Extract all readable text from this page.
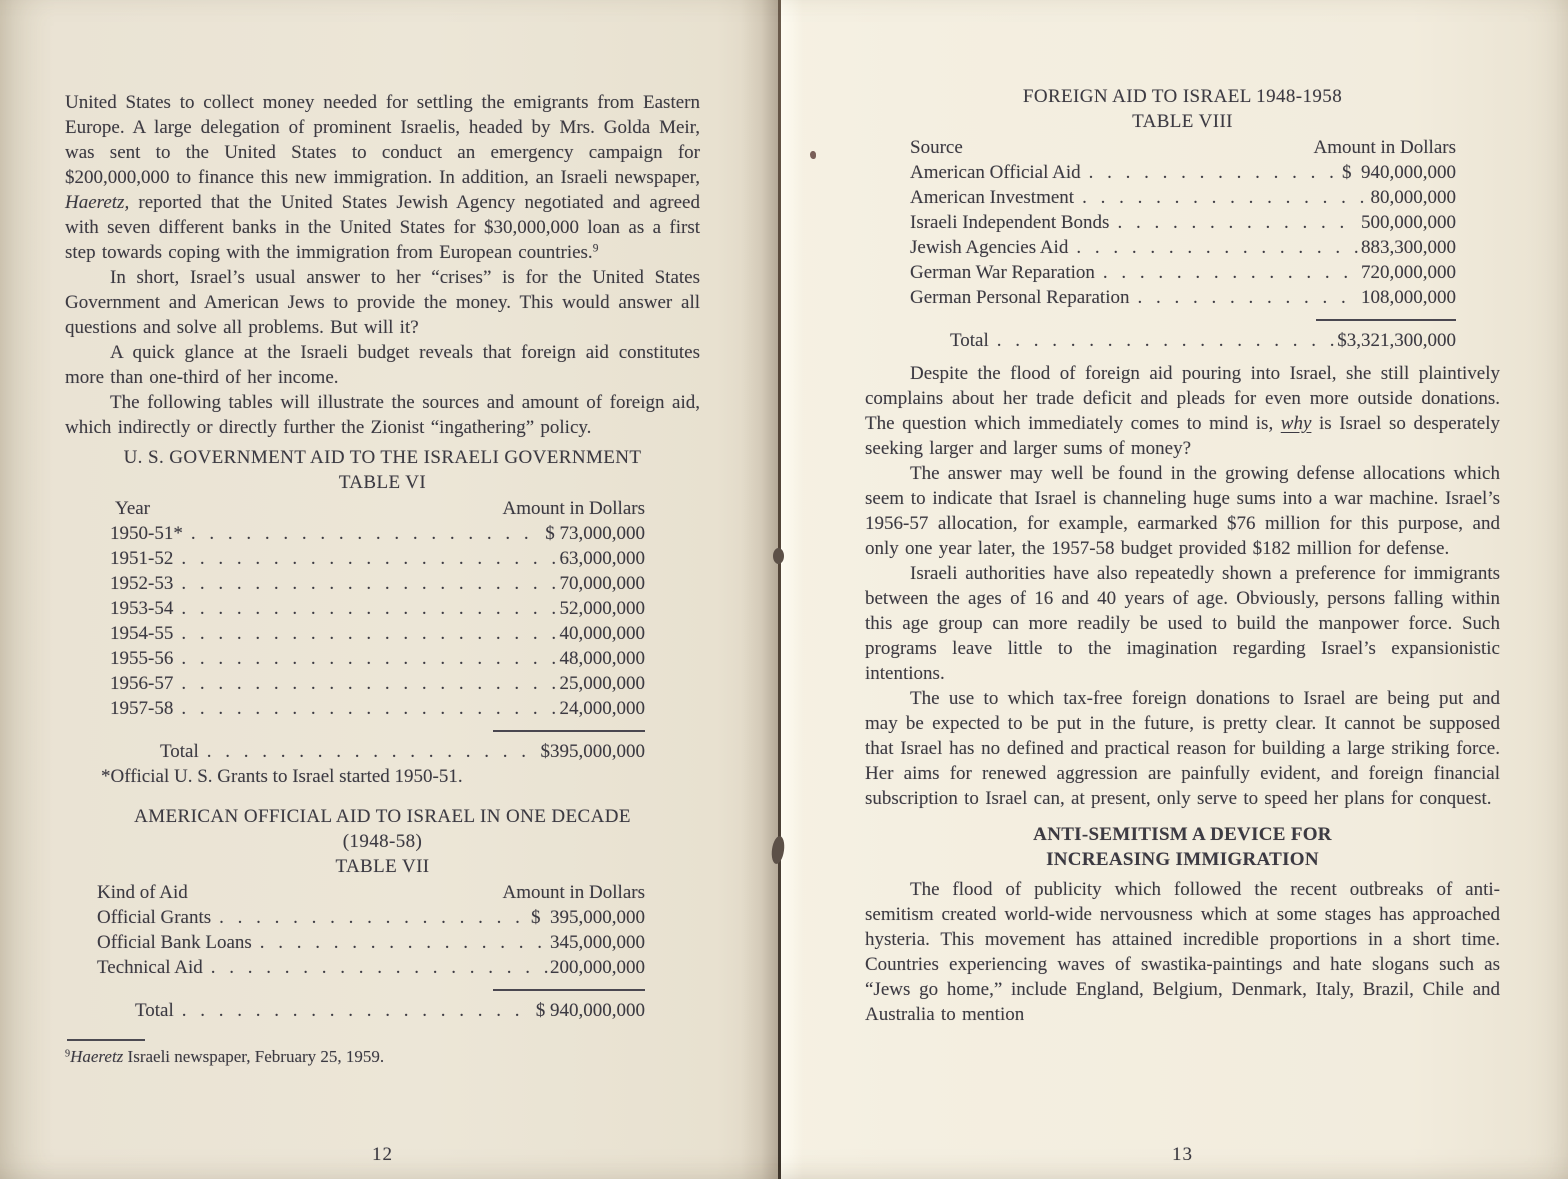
United States to collect money needed for settling the emigrants from Eastern Europe. A large delegation of prominent Israelis, headed by Mrs. Golda Meir, was sent to the United States to conduct an emergency campaign for $200,000,000 to finance this new immigration. In addition, an Israeli newspaper, Haeretz, reported that the United States Jewish Agency negotiated and agreed with seven different banks in the United States for $30,000,000 loan as a first step towards coping with the immigration from European countries.$^9$

In short, Israel’s usual answer to her “crises” is for the United States Government and American Jews to provide the money. This would answer all questions and solve all problems. But will it?

A quick glance at the Israeli budget reveals that foreign aid constitutes more than one-third of her income.

The following tables will illustrate the sources and amount of foreign aid, which indirectly or directly further the Zionist “ingathering” policy.

U. S. GOVERNMENT AID TO THE ISRAELI GOVERNMENT
TABLE VI
Year	Amount in Dollars
1950-51* . . .	$ 73,000,000
1951-52 . . .	63,000,000
1952-53 . . .	70,000,000
1953-54 . . .	52,000,000
1954-55 . . .	40,000,000
1955-56 . . .	48,000,000
1956-57 . . .	25,000,000
1957-58 . . .	24,000,000
Total . . .	$395,000,000
*Official U. S. Grants to Israel started 1950-51.
AMERICAN OFFICIAL AID TO ISRAEL IN ONE DECADE
(1948-58)
TABLE VII
Kind of Aid	Amount in Dollars
Official Grants . . .	$  395,000,000
Official Bank Loans . . .	345,000,000
Technical Aid . . .	200,000,000
Total . . .	$ 940,000,000

$^9$Haeretz Israeli newspaper, February 25, 1959.

12
FOREIGN AID TO ISRAEL 1948-1958
TABLE VIII
Source	Amount in Dollars
American Official Aid . . .	$  940,000,000
American Investment . . .	80,000,000
Israeli Independent Bonds . . .	500,000,000
Jewish Agencies Aid . . .	883,300,000
German War Reparation . . .	720,000,000
German Personal Reparation . . .	108,000,000
Total . . .	$3,321,300,000

Despite the flood of foreign aid pouring into Israel, she still plaintively complains about her trade deficit and pleads for even more outside donations. The question which immediately comes to mind is, why is Israel so desperately seeking larger and larger sums of money?

The answer may well be found in the growing defense allocations which seem to indicate that Israel is channeling huge sums into a war machine. Israel’s 1956-57 allocation, for example, earmarked $76 million for this purpose, and only one year later, the 1957-58 budget provided $182 million for defense.

Israeli authorities have also repeatedly shown a preference for immigrants between the ages of 16 and 40 years of age. Obviously, persons falling within this age group can more readily be used to build the manpower force. Such programs leave little to the imagination regarding Israel’s expansionistic intentions.

The use to which tax-free foreign donations to Israel are being put and may be expected to be put in the future, is pretty clear. It cannot be supposed that Israel has no defined and practical reason for building a large striking force. Her aims for renewed aggression are painfully evident, and foreign financial subscription to Israel can, at present, only serve to speed her plans for conquest.

ANTI-SEMITISM A DEVICE FOR
INCREASING IMMIGRATION

The flood of publicity which followed the recent outbreaks of anti-semitism created world-wide nervousness which at some stages has approached hysteria. This movement has attained incredible proportions in a short time. Countries experiencing waves of swastika-paintings and hate slogans such as “Jews go home,” include England, Belgium, Denmark, Italy, Brazil, Chile and Australia to mention

13
